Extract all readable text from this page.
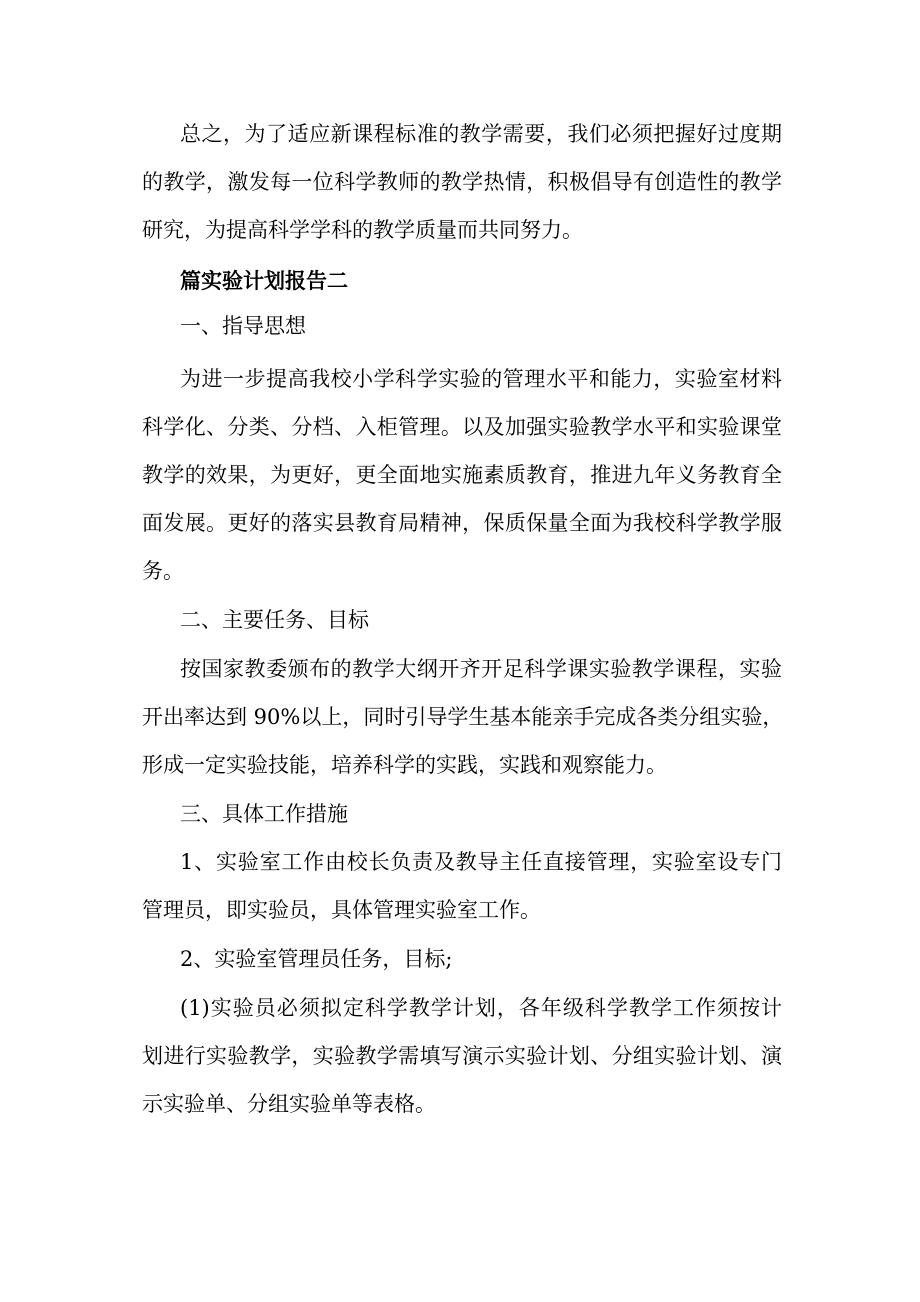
总之，为了适应新课程标准的教学需要，我们必须把握好过度期
的教学，激发每一位科学教师的教学热情，积极倡导有创造性的教学
研究，为提高科学学科的教学质量而共同努力。
篇实验计划报告二
一、指导思想
为进一步提高我校小学科学实验的管理水平和能力，实验室材料
科学化、分类、分档、入柜管理。以及加强实验教学水平和实验课堂
教学的效果，为更好，更全面地实施素质教育，推进九年义务教育全
面发展。更好的落实县教育局精神，保质保量全面为我校科学教学服
务。
二、主要任务、目标
按国家教委颁布的教学大纲开齐开足科学课实验教学课程，实验
开出率达到 90%以上，同时引导学生基本能亲手完成各类分组实验，
形成一定实验技能，培养科学的实践，实践和观察能力。
三、具体工作措施
1、实验室工作由校长负责及教导主任直接管理，实验室设专门
管理员，即实验员，具体管理实验室工作。
2、实验室管理员任务，目标;
(1)实验员必须拟定科学教学计划，各年级科学教学工作须按计
划进行实验教学，实验教学需填写演示实验计划、分组实验计划、演
示实验单、分组实验单等表格。
